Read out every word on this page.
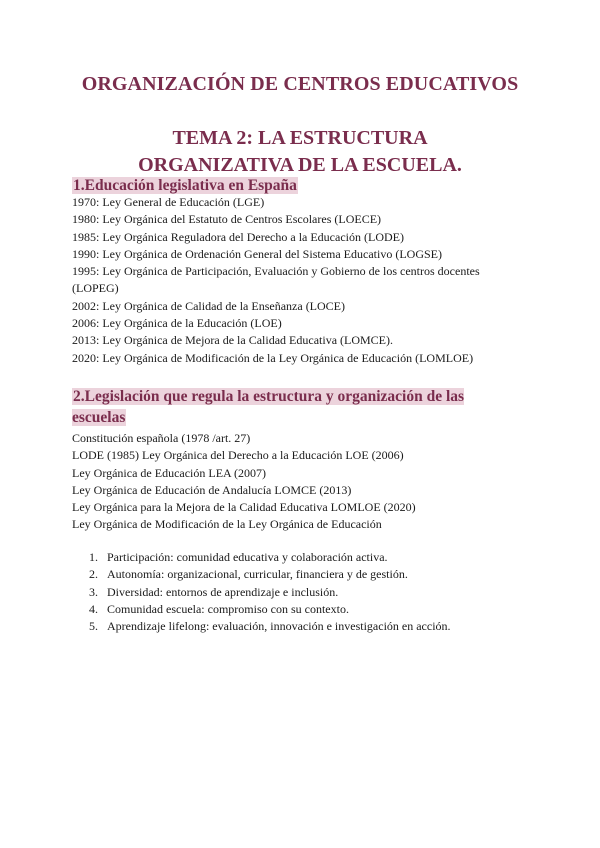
ORGANIZACIÓN DE CENTROS EDUCATIVOS
TEMA 2: LA ESTRUCTURA ORGANIZATIVA DE LA ESCUELA.
1.Educación legislativa en España
1970: Ley General de Educación (LGE)
1980: Ley Orgánica del Estatuto de Centros Escolares (LOECE)
1985: Ley Orgánica Reguladora del Derecho a la Educación (LODE)
1990: Ley Orgánica de Ordenación General del Sistema Educativo (LOGSE)
1995: Ley Orgánica de Participación, Evaluación y Gobierno de los centros docentes (LOPEG)
2002: Ley Orgánica de Calidad de la Enseñanza (LOCE)
2006: Ley Orgánica de la Educación (LOE)
2013: Ley Orgánica de Mejora de la Calidad Educativa (LOMCE).
2020: Ley Orgánica de Modificación de la Ley Orgánica de Educación (LOMLOE)
2.Legislación que regula la estructura y organización de las escuelas
Constitución española (1978 /art. 27)
LODE (1985) Ley Orgánica del Derecho a la Educación LOE (2006)
Ley Orgánica de Educación LEA (2007)
Ley Orgánica de Educación de Andalucía LOMCE (2013)
Ley Orgánica para la Mejora de la Calidad Educativa LOMLOE (2020)
Ley Orgánica de Modificación de la Ley Orgánica de Educación
1. Participación: comunidad educativa y colaboración activa.
2. Autonomía: organizacional, curricular, financiera y de gestión.
3. Diversidad: entornos de aprendizaje e inclusión.
4. Comunidad escuela: compromiso con su contexto.
5. Aprendizaje lifelong: evaluación, innovación e investigación en acción.
